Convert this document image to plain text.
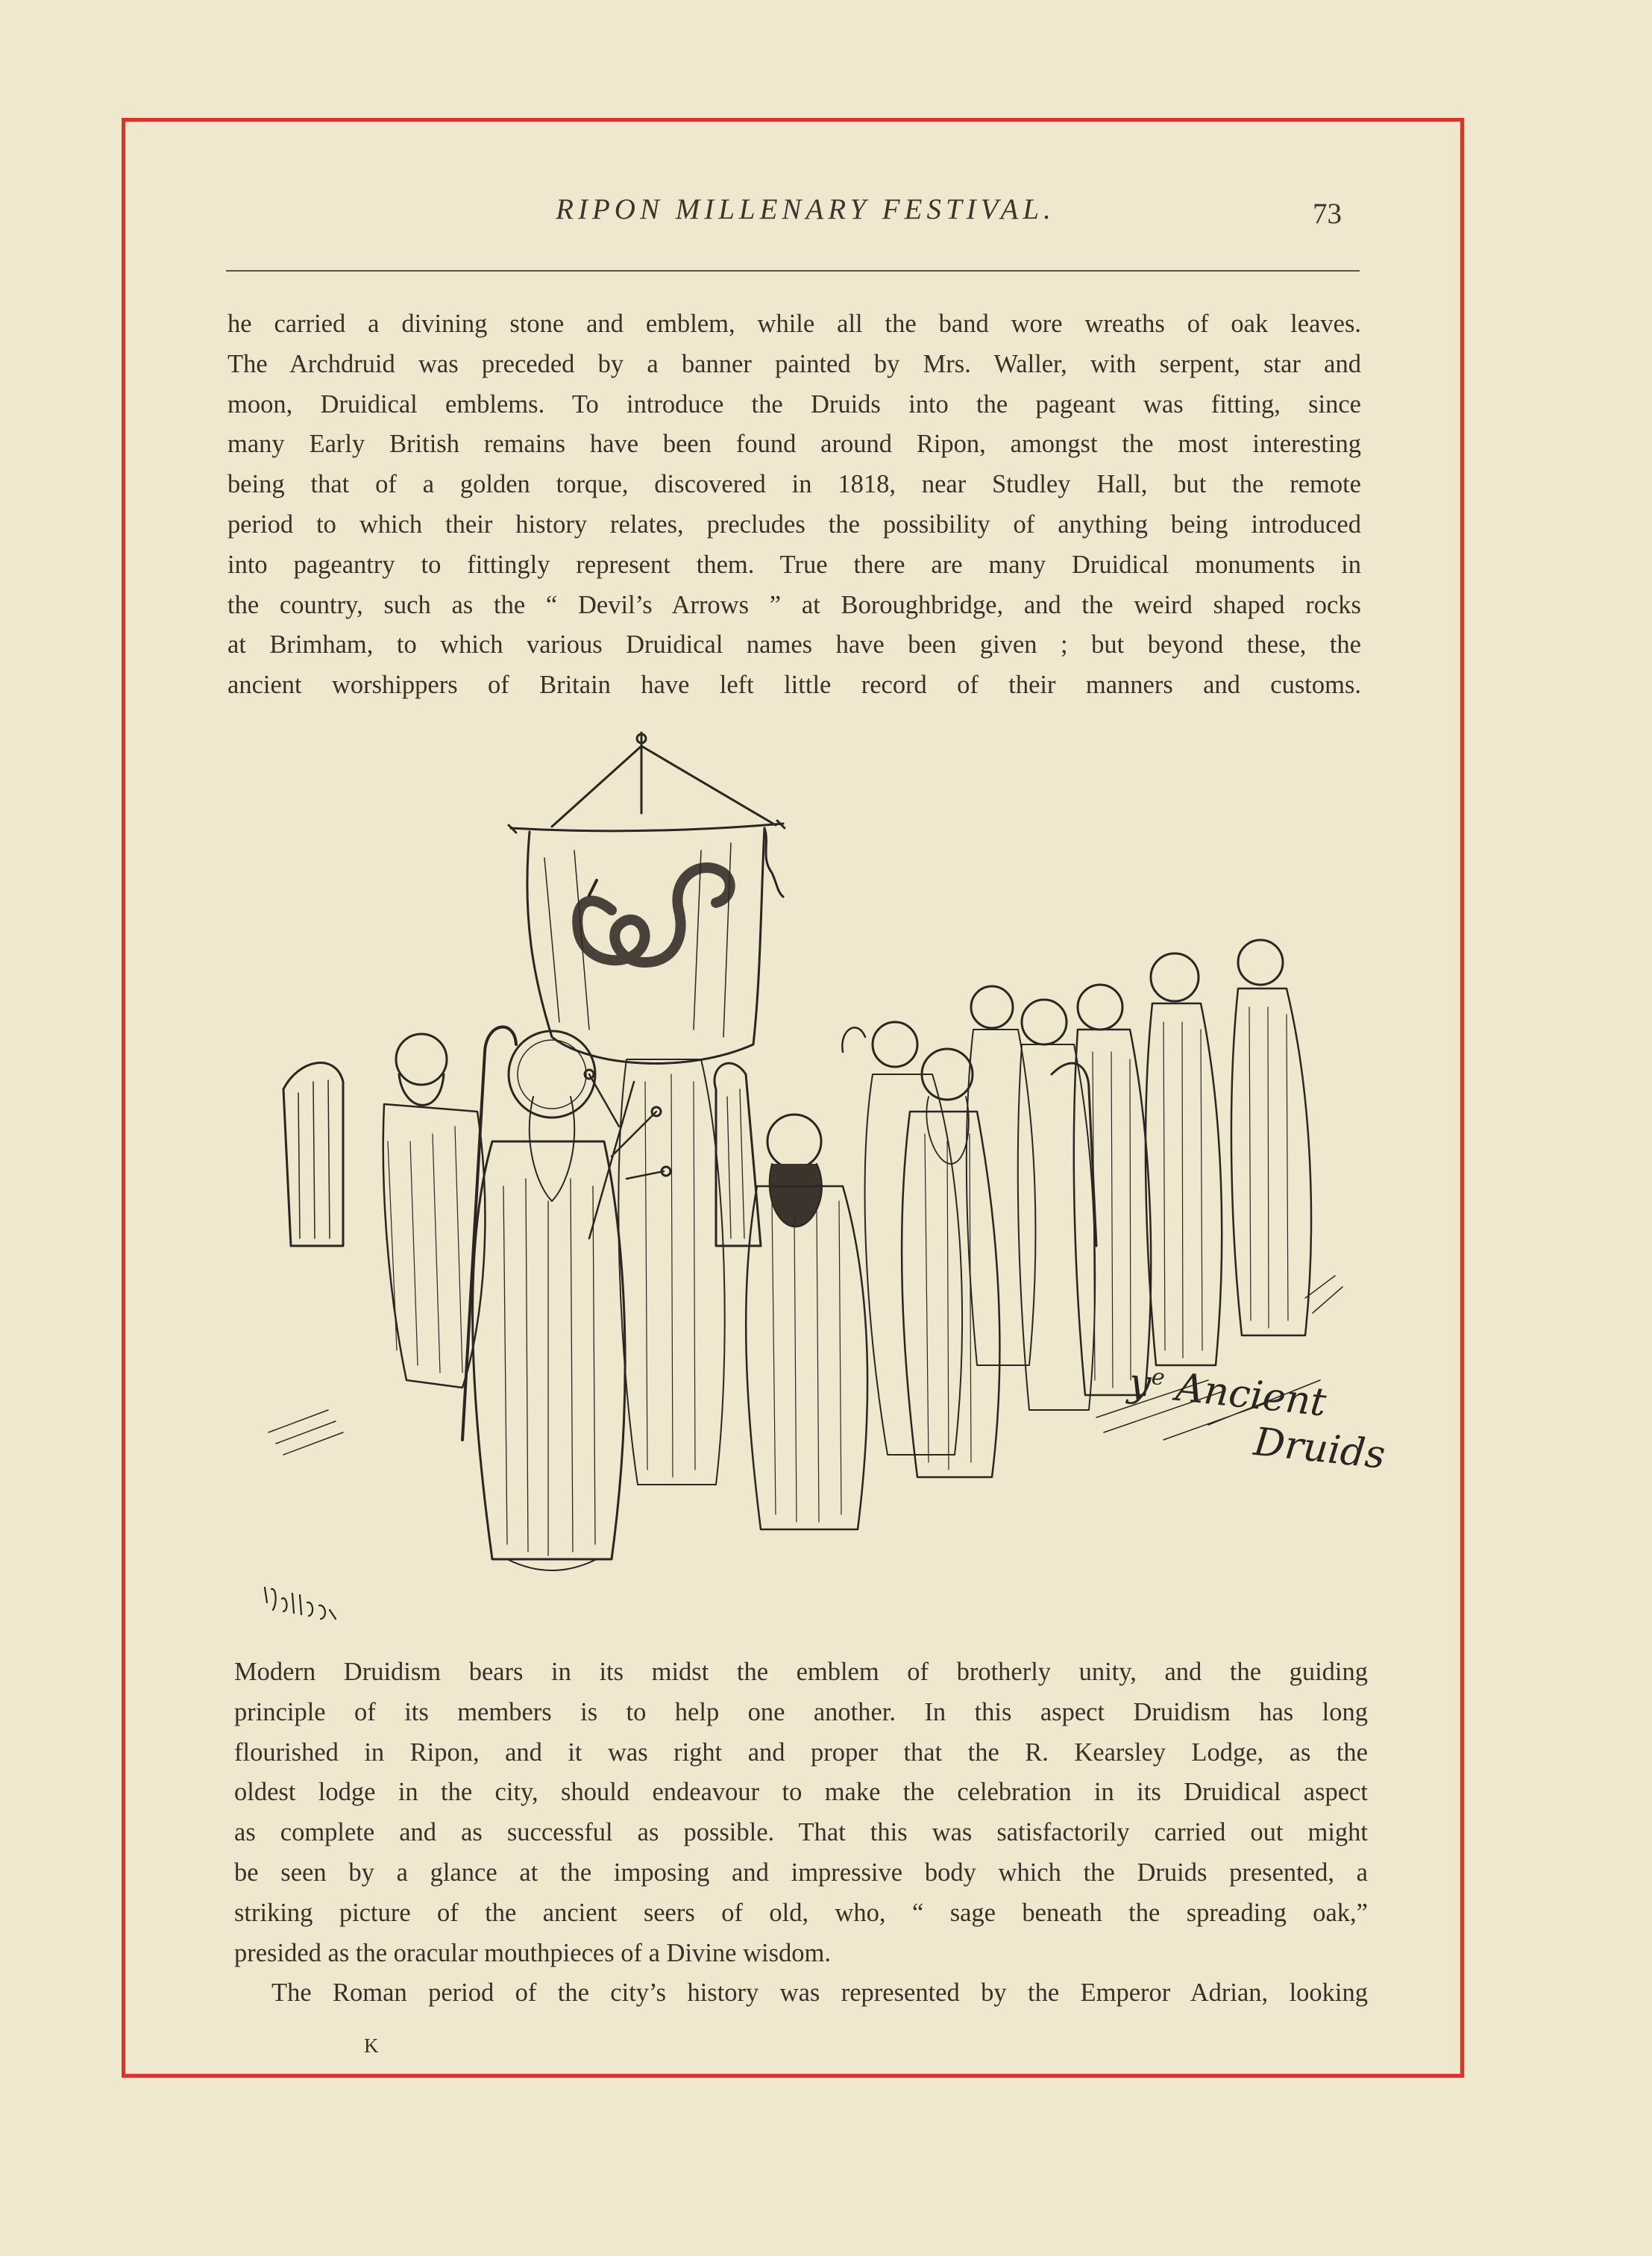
RIPON MILLENARY FESTIVAL.	73
he carried a divining stone and emblem, while all the band wore wreaths of oak leaves.
The Archdruid was preceded by a banner painted by Mrs. Waller, with serpent, star and
moon, Druidical emblems. To introduce the Druids into the pageant was fitting, since
many Early British remains have been found around Ripon, amongst the most interesting
being that of a golden torque, discovered in 1818, near Studley Hall, but the remote
period to which their history relates, precludes the possibility of anything being introduced
into pageantry to fittingly represent them. True there are many Druidical monuments in
the country, such as the “ Devil’s Arrows ” at Boroughbridge, and the weird shaped rocks
at Brimham, to which various Druidical names have been given ; but beyond these, the
ancient worshippers of Britain have left little record of their manners and customs.
$y^e$ Ancient
Druids
Modern Druidism bears in its midst the emblem of brotherly unity, and the guiding
principle of its members is to help one another. In this aspect Druidism has long
flourished in Ripon, and it was right and proper that the R. Kearsley Lodge, as the
oldest lodge in the city, should endeavour to make the celebration in its Druidical aspect
as complete and as successful as possible. That this was satisfactorily carried out might
be seen by a glance at the imposing and impressive body which the Druids presented, a
striking picture of the ancient seers of old, who, “ sage beneath the spreading oak,”
presided as the oracular mouthpieces of a Divine wisdom.
The Roman period of the city’s history was represented by the Emperor Adrian, looking
K
